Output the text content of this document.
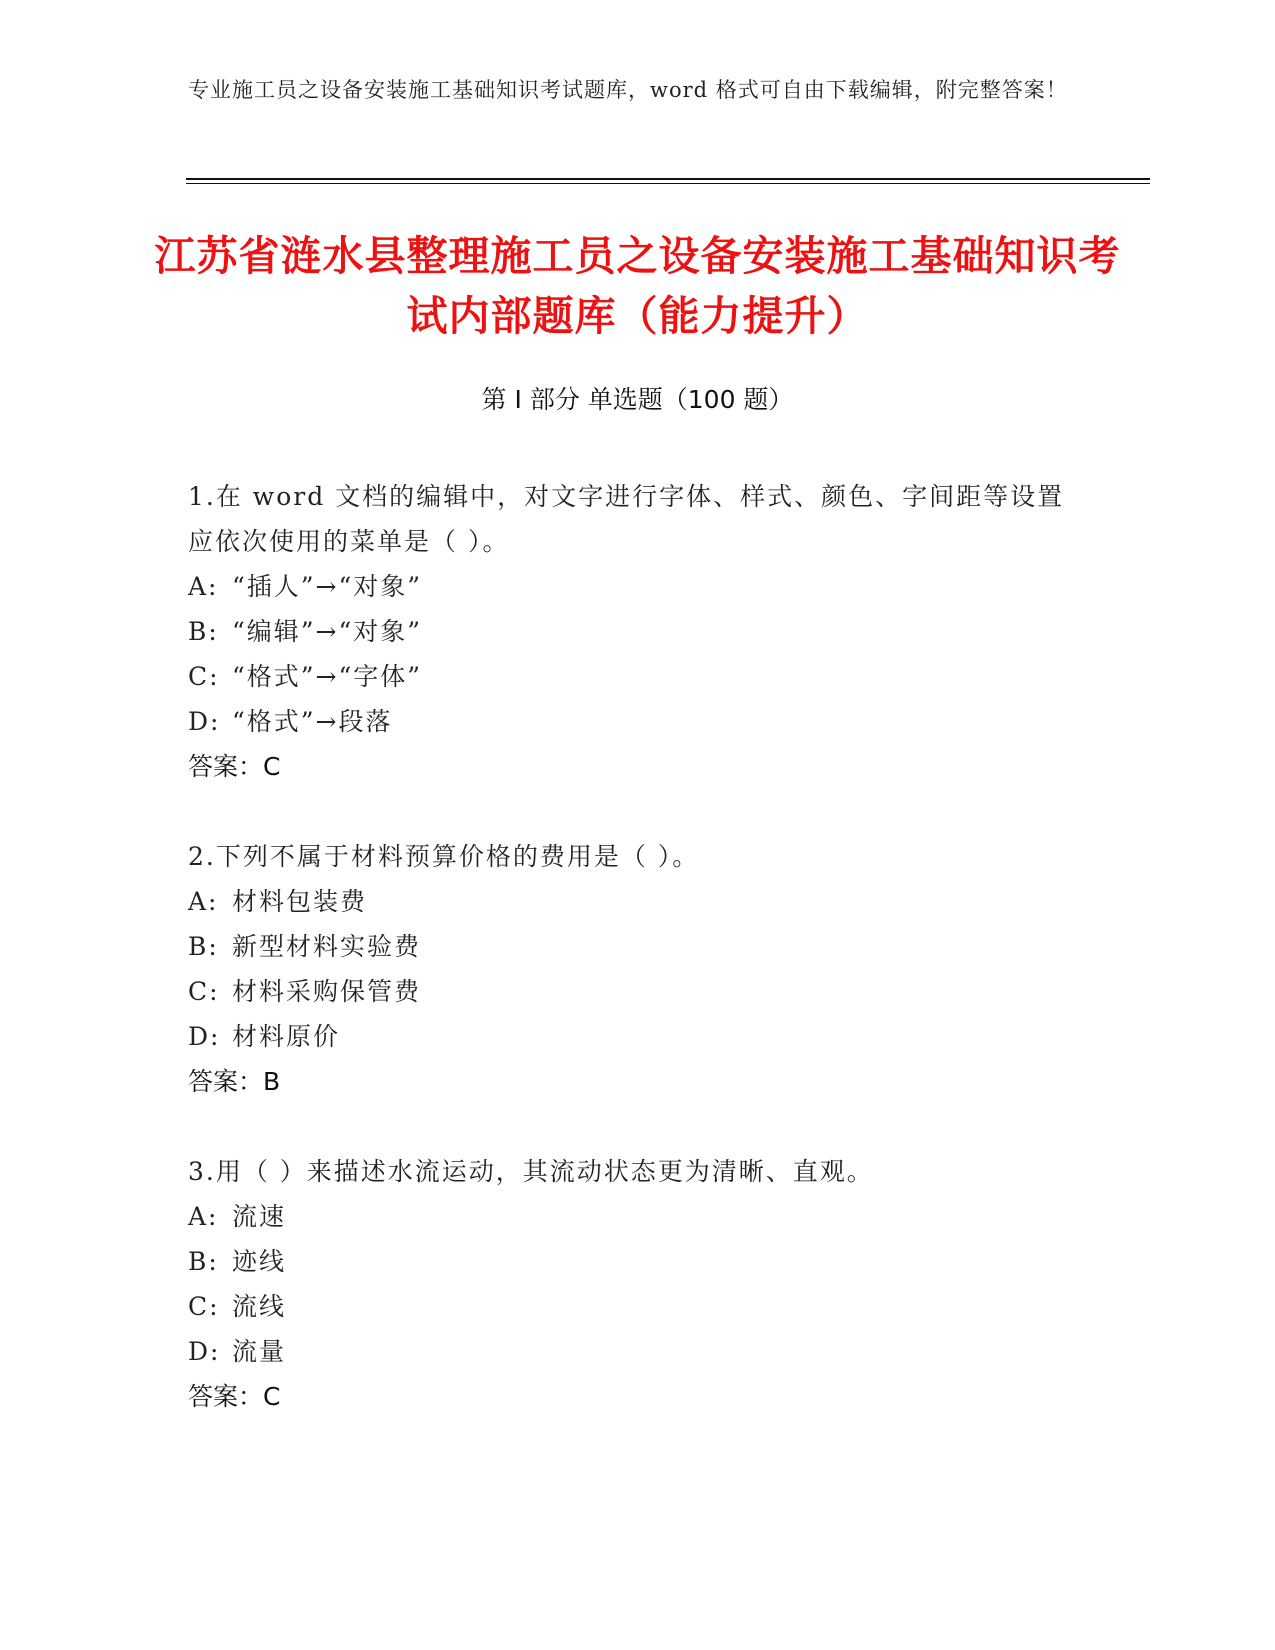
专业施工员之设备安装施工基础知识考试题库，word 格式可自由下载编辑，附完整答案！
江苏省涟水县整理施工员之设备安装施工基础知识考试内部题库（能力提升）
第 I 部分 单选题（100 题）
1.在 word 文档的编辑中，对文字进行字体、样式、颜色、字间距等设置应依次使用的菜单是（ ）。
A: “插人”→“对象”
B: “编辑”→“对象”
C: “格式”→“字体”
D: “格式”→段落
答案：C
2.下列不属于材料预算价格的费用是（ ）。
A: 材料包装费
B: 新型材料实验费
C: 材料采购保管费
D: 材料原价
答案：B
3.用（ ）来描述水流运动，其流动状态更为清晰、直观。
A: 流速
B: 迹线
C: 流线
D: 流量
答案：C
